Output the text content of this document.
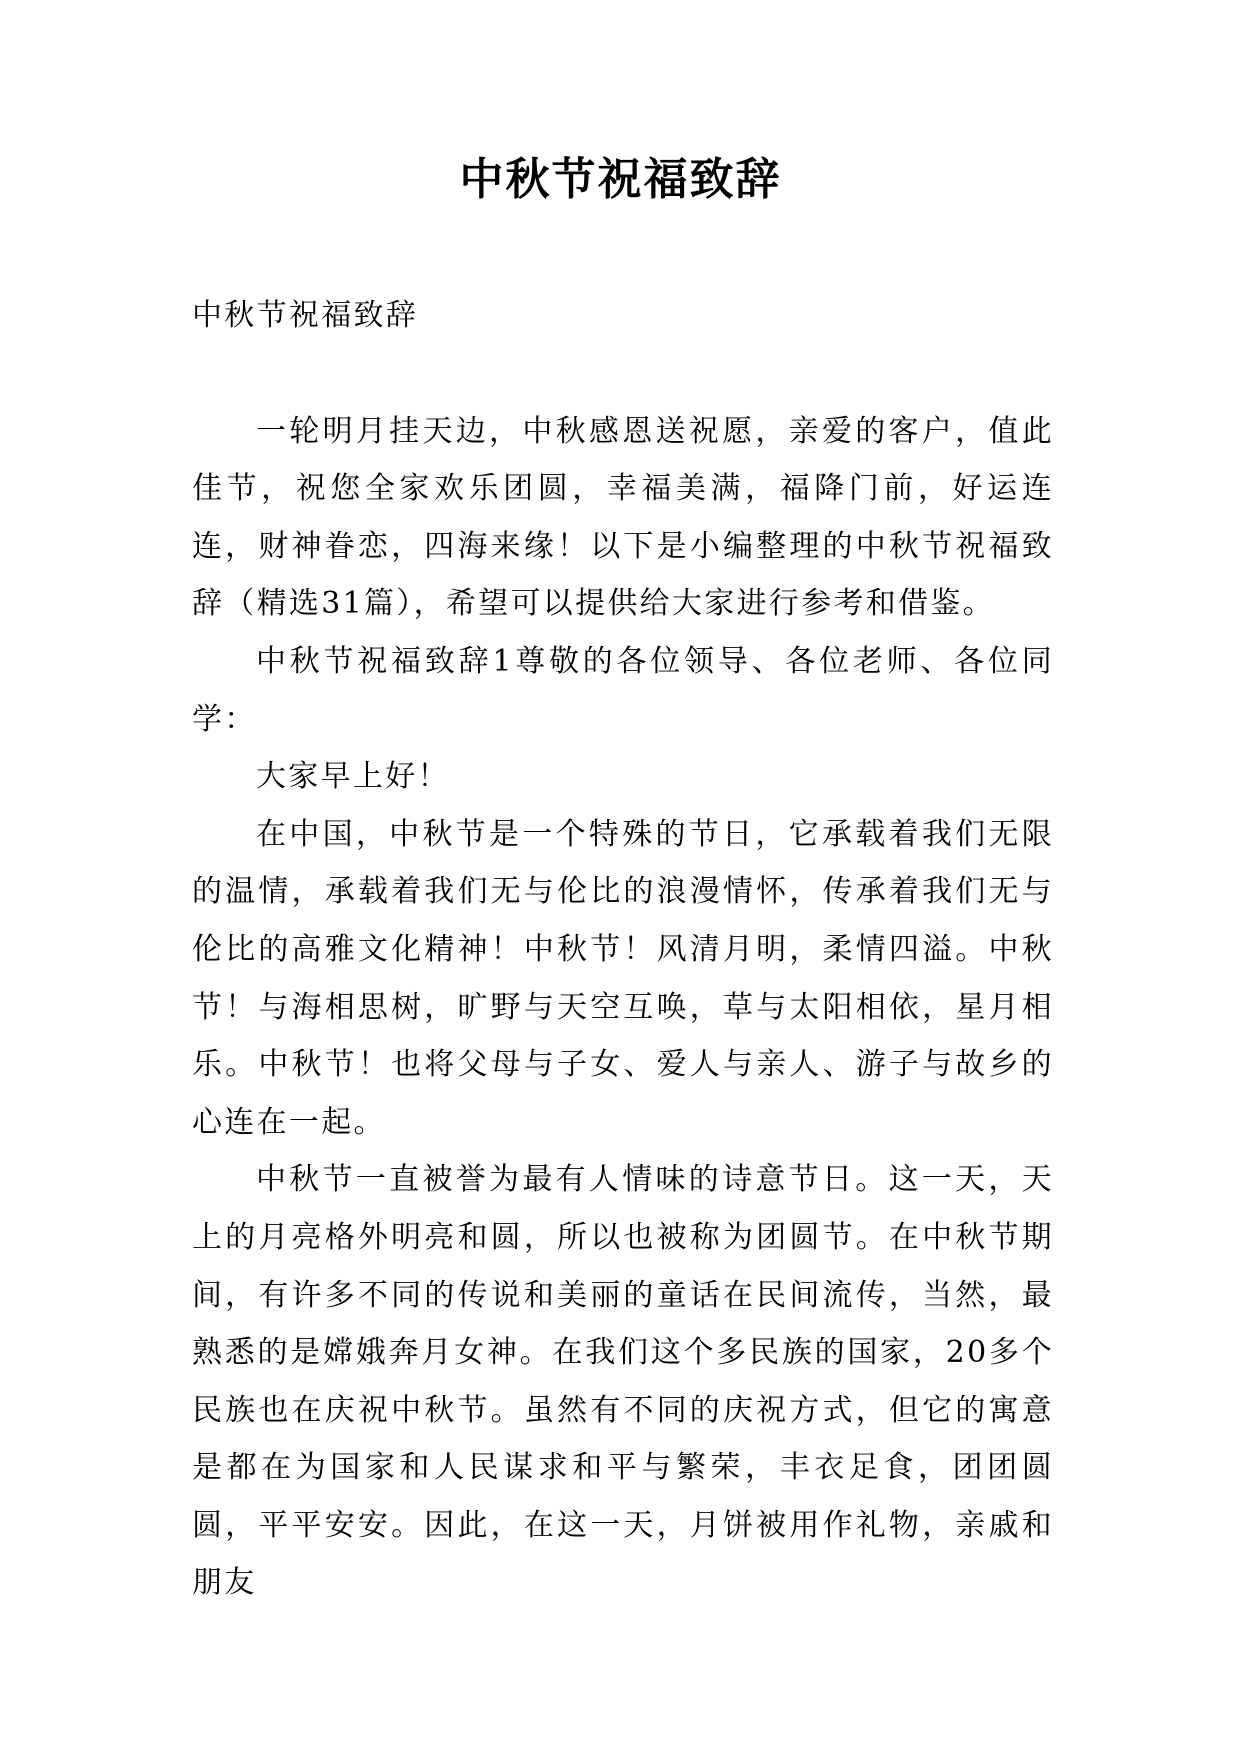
中秋节祝福致辞

中秋节祝福致辞

一轮明月挂天边，中秋感恩送祝愿，亲爱的客户，值此佳节，祝您全家欢乐团圆，幸福美满，福降门前，好运连连，财神眷恋，四海来缘！以下是小编整理的中秋节祝福致辞（精选31篇），希望可以提供给大家进行参考和借鉴。

中秋节祝福致辞1尊敬的各位领导、各位老师、各位同学：

大家早上好！

在中国，中秋节是一个特殊的节日，它承载着我们无限的温情，承载着我们无与伦比的浪漫情怀，传承着我们无与伦比的高雅文化精神！中秋节！风清月明，柔情四溢。中秋节！与海相思树，旷野与天空互唤，草与太阳相依，星月相乐。中秋节！也将父母与子女、爱人与亲人、游子与故乡的心连在一起。

中秋节一直被誉为最有人情味的诗意节日。这一天，天上的月亮格外明亮和圆，所以也被称为团圆节。在中秋节期间，有许多不同的传说和美丽的童话在民间流传，当然，最熟悉的是嫦娥奔月女神。在我们这个多民族的国家，20多个民族也在庆祝中秋节。虽然有不同的庆祝方式，但它的寓意是都在为国家和人民谋求和平与繁荣，丰衣足食，团团圆圆，平平安安。因此，在这一天，月饼被用作礼物，亲戚和朋友
